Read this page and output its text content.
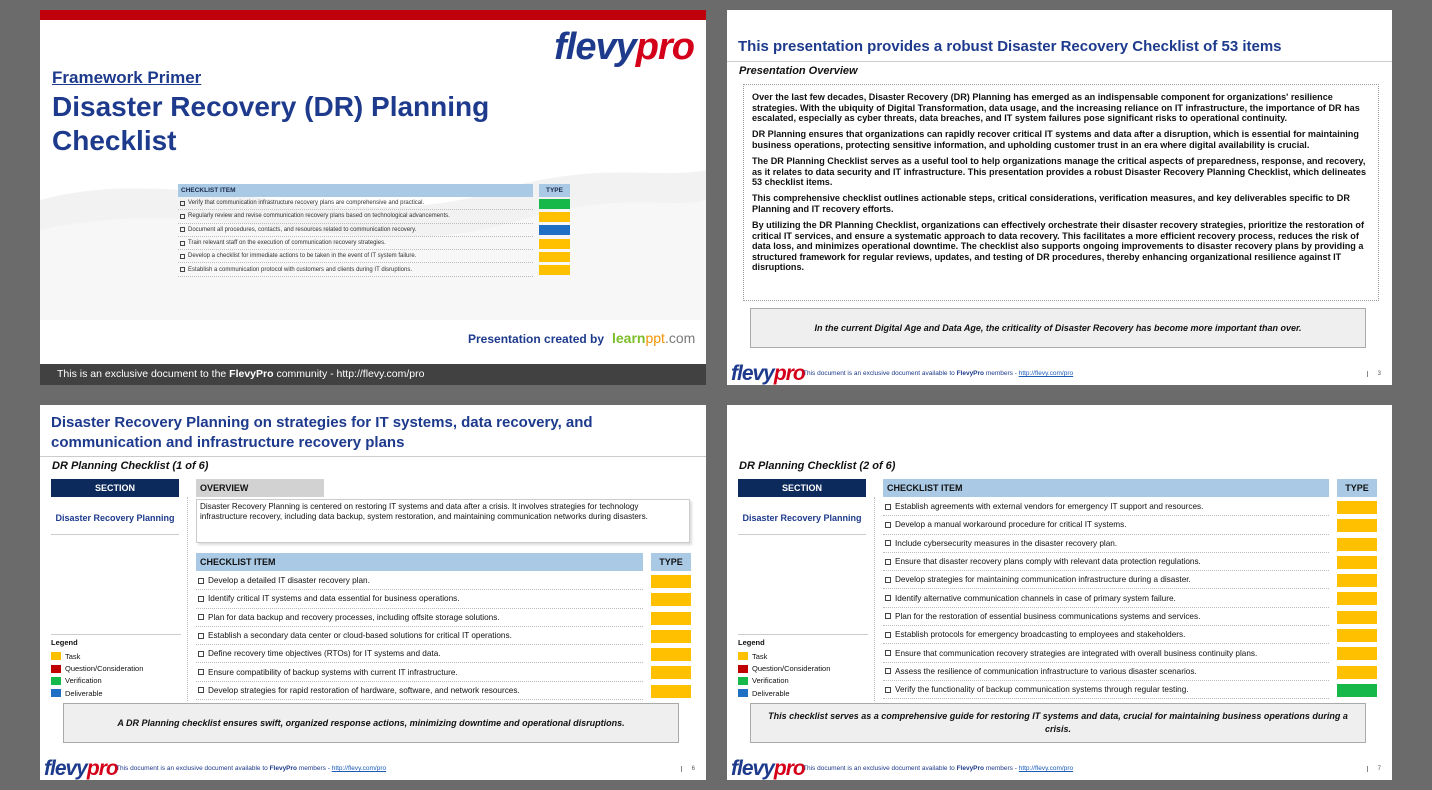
flevypro
Framework Primer
Disaster Recovery (DR) Planning Checklist
CHECKLIST ITEM	TYPE
Verify that communication infrastructure recovery plans are comprehensive and practical.
Regularly review and revise communication recovery plans based on technological advancements.
Document all procedures, contacts, and resources related to communication recovery.
Train relevant staff on the execution of communication recovery strategies.
Develop a checklist for immediate actions to be taken in the event of IT system failure.
Establish a communication protocol with customers and clients during IT disruptions.
Presentation created by learnppt.com
This is an exclusive document to the FlevyPro community - http://flevy.com/pro
This presentation provides a robust Disaster Recovery Checklist of 53 items
Presentation Overview

Over the last few decades, Disaster Recovery (DR) Planning has emerged as an indispensable component for organizations' resilience strategies. With the ubiquity of Digital Transformation, data usage, and the increasing reliance on IT infrastructure, the importance of DR has escalated, especially as cyber threats, data breaches, and IT system failures pose significant risks to operational continuity.

DR Planning ensures that organizations can rapidly recover critical IT systems and data after a disruption, which is essential for maintaining business operations, protecting sensitive information, and upholding customer trust in an era where digital availability is crucial.

The DR Planning Checklist serves as a useful tool to help organizations manage the critical aspects of preparedness, response, and recovery, as it relates to data security and IT infrastructure. This presentation provides a robust Disaster Recovery Planning Checklist, which delineates 53 checklist items.

This comprehensive checklist outlines actionable steps, critical considerations, verification measures, and key deliverables specific to DR Planning and IT recovery efforts.

By utilizing the DR Planning Checklist, organizations can effectively orchestrate their disaster recovery strategies, prioritize the restoration of critical IT services, and ensure a systematic approach to data recovery. This facilitates a more efficient recovery process, reduces the risk of data loss, and minimizes operational downtime. The checklist also supports ongoing improvements to disaster recovery plans by providing a structured framework for regular reviews, updates, and testing of DR procedures, thereby enhancing organizational resilience against IT disruptions.

In the current Digital Age and Data Age, the criticality of Disaster Recovery has become more important than over.
flevypro
This document is an exclusive document available to FlevyPro members - http://flevy.com/pro	3
Disaster Recovery Planning on strategies for IT systems, data recovery, and communication and infrastructure recovery plans
DR Planning Checklist (1 of 6)
SECTION
Disaster Recovery Planning
OVERVIEW
Disaster Recovery Planning is centered on restoring IT systems and data after a crisis. It involves strategies for technology infrastructure recovery, including data backup, system restoration, and maintaining communication networks during disasters.
CHECKLIST ITEM	TYPE
Develop a detailed IT disaster recovery plan.
Identify critical IT systems and data essential for business operations.
Plan for data backup and recovery processes, including offsite storage solutions.
Establish a secondary data center or cloud-based solutions for critical IT operations.
Define recovery time objectives (RTOs) for IT systems and data.
Ensure compatibility of backup systems with current IT infrastructure.
Develop strategies for rapid restoration of hardware, software, and network resources.
Legend
Task
Question/Consideration
Verification
Deliverable
A DR Planning checklist ensures swift, organized response actions, minimizing downtime and operational disruptions.
flevypro
This document is an exclusive document available to FlevyPro members - http://flevy.com/pro	6
DR Planning Checklist (2 of 6)
SECTION
Disaster Recovery Planning
CHECKLIST ITEM	TYPE
Establish agreements with external vendors for emergency IT support and resources.
Develop a manual workaround procedure for critical IT systems.
Include cybersecurity measures in the disaster recovery plan.
Ensure that disaster recovery plans comply with relevant data protection regulations.
Develop strategies for maintaining communication infrastructure during a disaster.
Identify alternative communication channels in case of primary system failure.
Plan for the restoration of essential business communications systems and services.
Establish protocols for emergency broadcasting to employees and stakeholders.
Ensure that communication recovery strategies are integrated with overall business continuity plans.
Assess the resilience of communication infrastructure to various disaster scenarios.
Verify the functionality of backup communication systems through regular testing.
Legend
Task
Question/Consideration
Verification
Deliverable
This checklist serves as a comprehensive guide for restoring IT systems and data, crucial for maintaining business operations during a crisis.
flevypro
This document is an exclusive document available to FlevyPro members - http://flevy.com/pro	7
